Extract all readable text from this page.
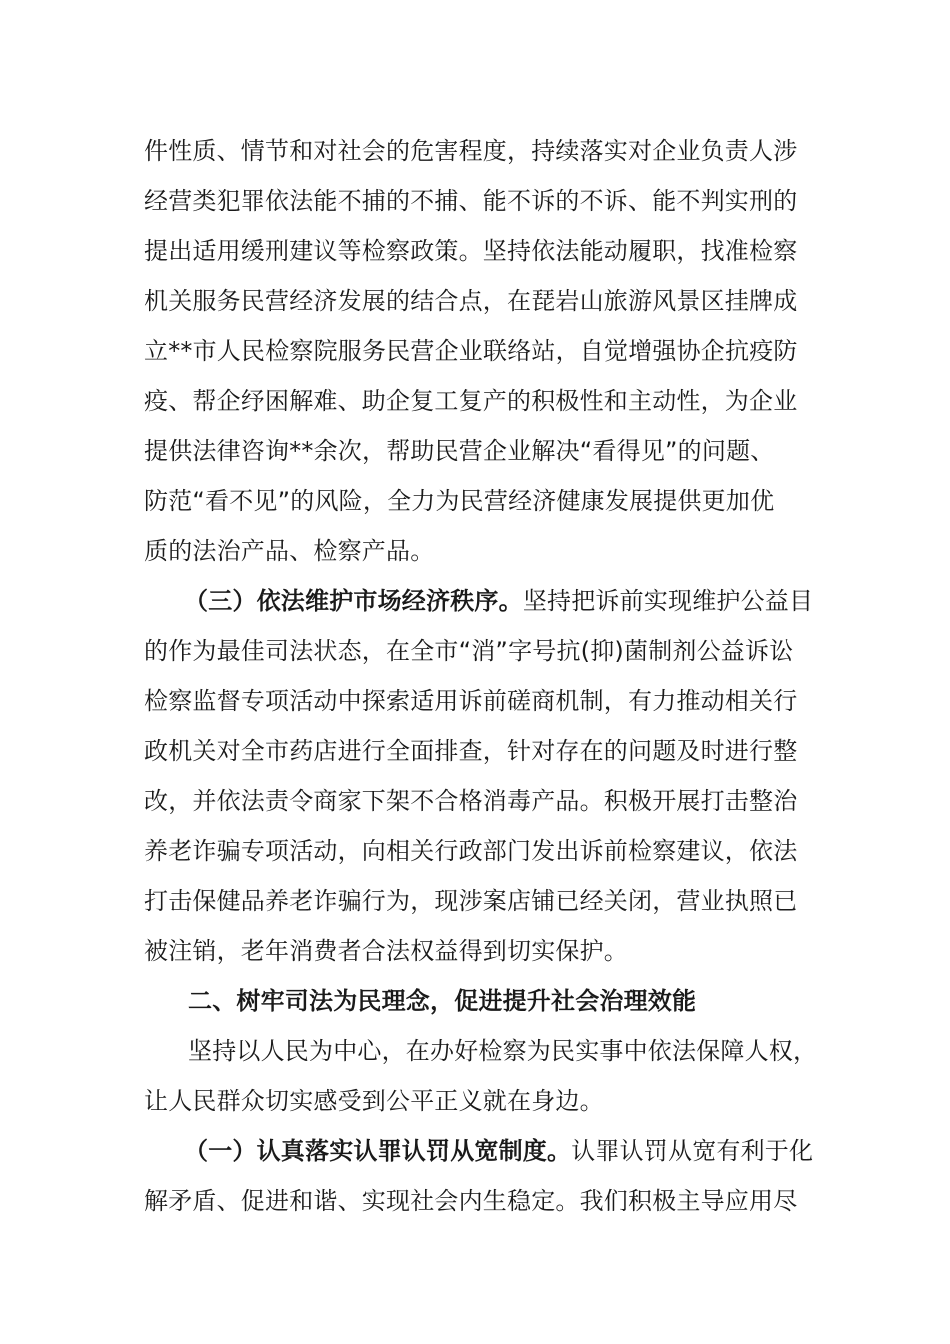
件性质、情节和对社会的危害程度，持续落实对企业负责人涉
经营类犯罪依法能不捕的不捕、能不诉的不诉、能不判实刑的
提出适用缓刑建议等检察政策。坚持依法能动履职，找准检察
机关服务民营经济发展的结合点，在琵岩山旅游风景区挂牌成
立**市人民检察院服务民营企业联络站，自觉增强协企抗疫防
疫、帮企纾困解难、助企复工复产的积极性和主动性，为企业
提供法律咨询**余次，帮助民营企业解决“看得见”的问题、
防范“看不见”的风险，全力为民营经济健康发展提供更加优
质的法治产品、检察产品。
（三）依法维护市场经济秩序。坚持把诉前实现维护公益目
的作为最佳司法状态，在全市“消”字号抗(抑)菌制剂公益诉讼
检察监督专项活动中探索适用诉前磋商机制，有力推动相关行
政机关对全市药店进行全面排查，针对存在的问题及时进行整
改，并依法责令商家下架不合格消毒产品。积极开展打击整治
养老诈骗专项活动，向相关行政部门发出诉前检察建议，依法
打击保健品养老诈骗行为，现涉案店铺已经关闭，营业执照已
被注销，老年消费者合法权益得到切实保护。
二、树牢司法为民理念，促进提升社会治理效能
坚持以人民为中心，在办好检察为民实事中依法保障人权，
让人民群众切实感受到公平正义就在身边。
（一）认真落实认罪认罚从宽制度。认罪认罚从宽有利于化
解矛盾、促进和谐、实现社会内生稳定。我们积极主导应用尽
